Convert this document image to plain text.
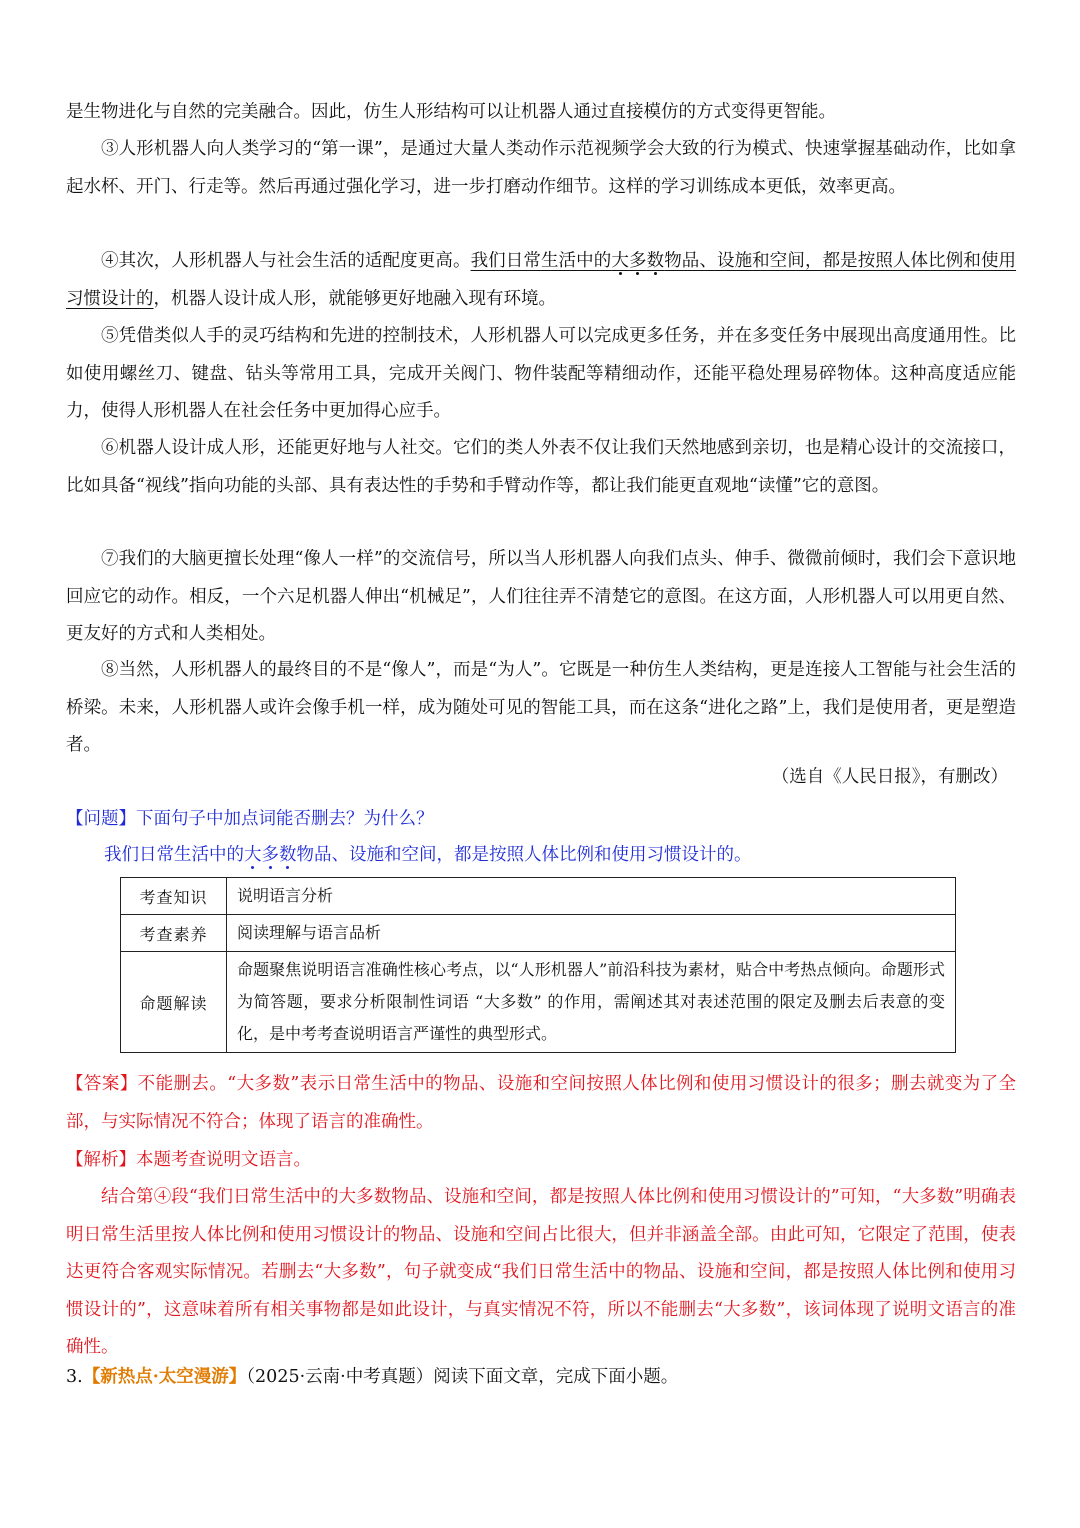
是生物进化与自然的完美融合。因此，仿生人形结构可以让机器人通过直接模仿的方式变得更智能。

③人形机器人向人类学习的“第一课”，是通过大量人类动作示范视频学会大致的行为模式、快速掌握基础动作，比如拿起水杯、开门、行走等。然后再通过强化学习，进一步打磨动作细节。这样的学习训练成本更低，效率更高。

④其次，人形机器人与社会生活的适配度更高。我们日常生活中的大多数物品、设施和空间，都是按照人体比例和使用习惯设计的，机器人设计成人形，就能够更好地融入现有环境。

⑤凭借类似人手的灵巧结构和先进的控制技术，人形机器人可以完成更多任务，并在多变任务中展现出高度通用性。比如使用螺丝刀、键盘、钻头等常用工具，完成开关阀门、物件装配等精细动作，还能平稳处理易碎物体。这种高度适应能力，使得人形机器人在社会任务中更加得心应手。

⑥机器人设计成人形，还能更好地与人社交。它们的类人外表不仅让我们天然地感到亲切，也是精心设计的交流接口，比如具备“视线”指向功能的头部、具有表达性的手势和手臂动作等，都让我们能更直观地“读懂”它的意图。

⑦我们的大脑更擅长处理“像人一样”的交流信号，所以当人形机器人向我们点头、伸手、微微前倾时，我们会下意识地回应它的动作。相反，一个六足机器人伸出“机械足”，人们往往弄不清楚它的意图。在这方面，人形机器人可以用更自然、更友好的方式和人类相处。

⑧当然，人形机器人的最终目的不是“像人”，而是“为人”。它既是一种仿生人类结构，更是连接人工智能与社会生活的桥梁。未来，人形机器人或许会像手机一样，成为随处可见的智能工具，而在这条“进化之路”上，我们是使用者，更是塑造者。

（选自《人民日报》，有删改）
【问题】下面句子中加点词能否删去？为什么？
我们日常生活中的大多数物品、设施和空间，都是按照人体比例和使用习惯设计的。
考查知识	说明语言分析
考查素养	阅读理解与语言品析
命题解读	命题聚焦说明语言准确性核心考点，以“人形机器人”前沿科技为素材，贴合中考热点倾向。命题形式为简答题，要求分析限制性词语 “大多数” 的作用，需阐述其对表述范围的限定及删去后表意的变化，是中考考查说明语言严谨性的典型形式。

【答案】不能删去。“大多数”表示日常生活中的物品、设施和空间按照人体比例和使用习惯设计的很多；删去就变为了全部，与实际情况不符合；体现了语言的准确性。

【解析】本题考查说明文语言。

结合第④段“我们日常生活中的大多数物品、设施和空间，都是按照人体比例和使用习惯设计的”可知，“大多数”明确表明日常生活里按人体比例和使用习惯设计的物品、设施和空间占比很大，但并非涵盖全部。由此可知，它限定了范围，使表达更符合客观实际情况。若删去“大多数”，句子就变成“我们日常生活中的物品、设施和空间，都是按照人体比例和使用习惯设计的”，这意味着所有相关事物都是如此设计，与真实情况不符，所以不能删去“大多数”，该词体现了说明文语言的准确性。

3.【新热点·太空漫游】（2025·云南·中考真题）阅读下面文章，完成下面小题。
